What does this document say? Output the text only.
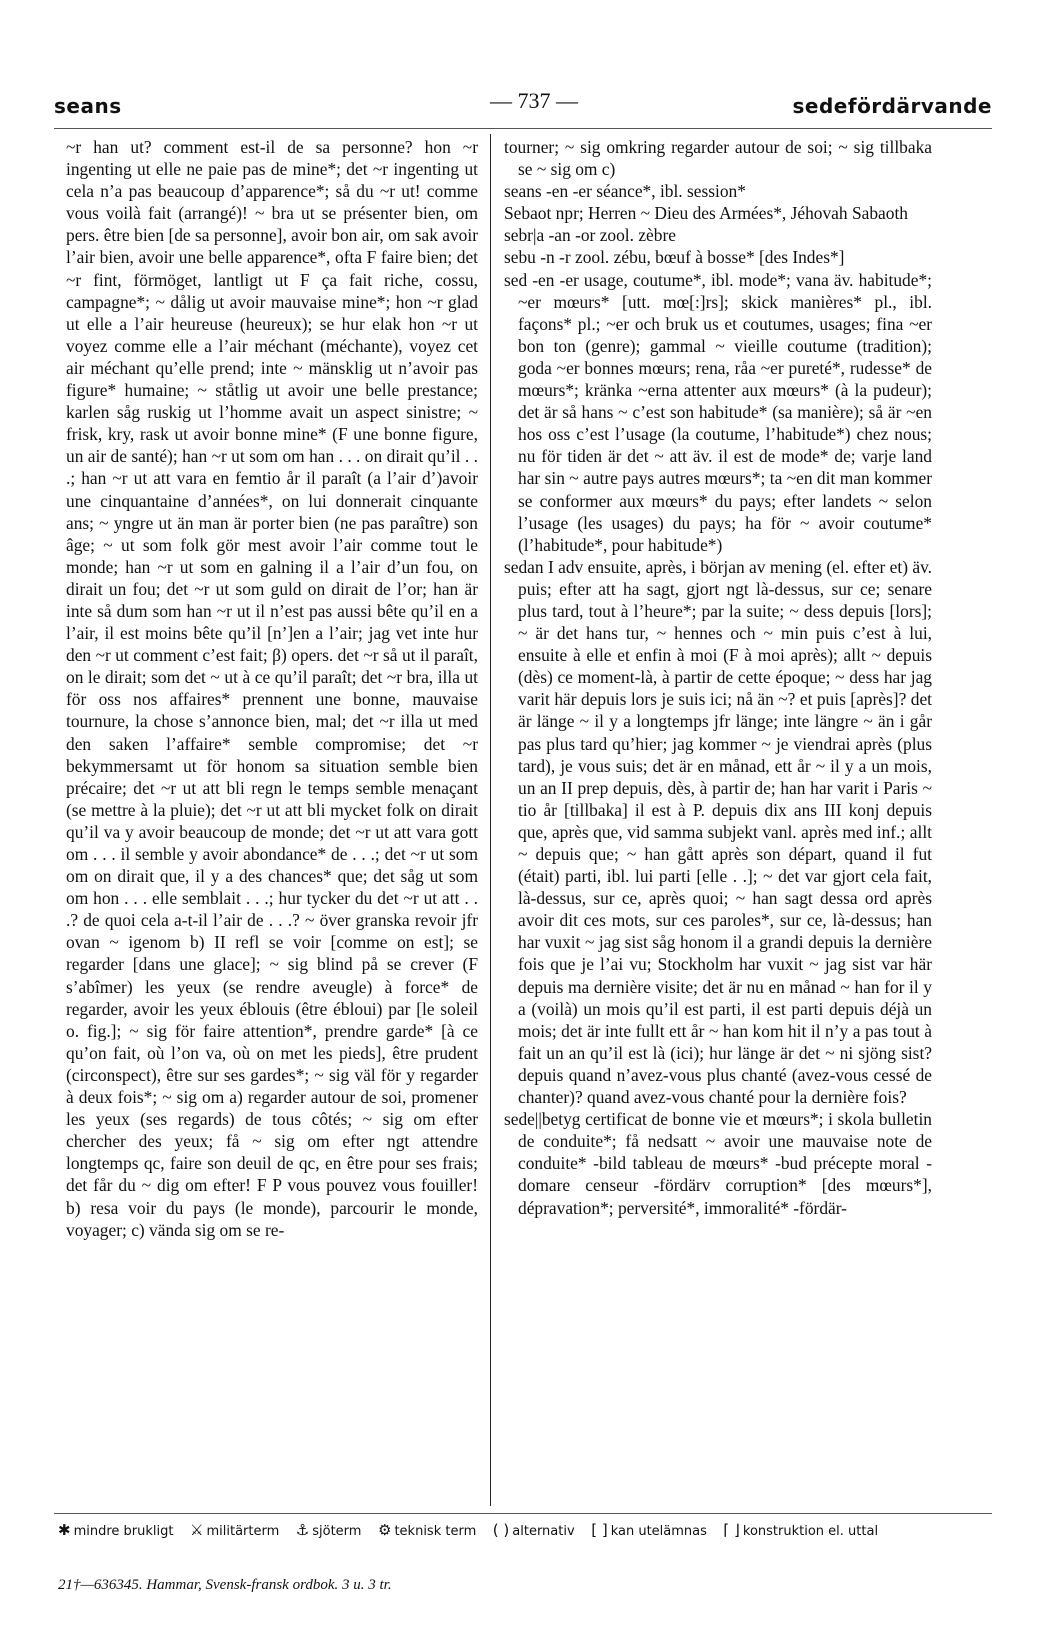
seans	— 737 —	sedefördärvande

~r han ut? comment est-il de sa personne? hon ~r ingenting ut elle ne paie pas de mine*; det ~r ingenting ut cela n’a pas beaucoup d’apparence*; så du ~r ut! comme vous voilà fait (arrangé)! ~ bra ut se présenter bien, om pers. être bien [de sa personne], avoir bon air, om sak avoir l’air bien, avoir une belle apparence*, ofta F faire bien; det ~r fint, förmöget, lantligt ut F ça fait riche, cossu, campagne*; ~ dålig ut avoir mauvaise mine*; hon ~r glad ut elle a l’air heureuse (heureux); se hur elak hon ~r ut voyez comme elle a l’air méchant (méchante), voyez cet air méchant qu’elle prend; inte ~ mänsklig ut n’avoir pas figure* humaine; ~ ståtlig ut avoir une belle prestance; karlen såg ruskig ut l’homme avait un aspect sinistre; ~ frisk, kry, rask ut avoir bonne mine* (F une bonne figure, un air de santé); han ~r ut som om han . . . on dirait qu’il . . .; han ~r ut att vara en femtio år il paraît (a l’air d’)avoir une cinquantaine d’années*, on lui donnerait cinquante ans; ~ yngre ut än man är porter bien (ne pas paraître) son âge; ~ ut som folk gör mest avoir l’air comme tout le monde; han ~r ut som en galning il a l’air d’un fou, on dirait un fou; det ~r ut som guld on dirait de l’or; han är inte så dum som han ~r ut il n’est pas aussi bête qu’il en a l’air, il est moins bête qu’il [n’]en a l’air; jag vet inte hur den ~r ut comment c’est fait; β) opers. det ~r så ut il paraît, on le dirait; som det ~ ut à ce qu’il paraît; det ~r bra, illa ut för oss nos affaires* prennent une bonne, mauvaise tournure, la chose s’annonce bien, mal; det ~r illa ut med den saken l’affaire* semble compromise; det ~r bekymmersamt ut för honom sa situation semble bien précaire; det ~r ut att bli regn le temps semble menaçant (se mettre à la pluie); det ~r ut att bli mycket folk on dirait qu’il va y avoir beaucoup de monde; det ~r ut att vara gott om . . . il semble y avoir abondance* de . . .; det ~r ut som om on dirait que, il y a des chances* que; det såg ut som om hon . . . elle semblait . . .; hur tycker du det ~r ut att . . .? de quoi cela a-t-il l’air de . . .? ~ över granska revoir jfr ovan ~ igenom b) II refl se voir [comme on est]; se regarder [dans une glace]; ~ sig blind på se crever (F s’abîmer) les yeux (se rendre aveugle) à force* de regarder, avoir les yeux éblouis (être ébloui) par [le soleil o. fig.]; ~ sig för faire attention*, prendre garde* [à ce qu’on fait, où l’on va, où on met les pieds], être prudent (circonspect), être sur ses gardes*; ~ sig väl för y regarder à deux fois*; ~ sig om a) regarder autour de soi, promener les yeux (ses regards) de tous côtés; ~ sig om efter chercher des yeux; få ~ sig om efter ngt attendre longtemps qc, faire son deuil de qc, en être pour ses frais; det får du ~ dig om efter! F P vous pouvez vous fouiller! b) resa voir du pays (le monde), parcourir le monde, voyager; c) vända sig om se re-

tourner; ~ sig omkring regarder autour de soi; ~ sig tillbaka se ~ sig om c)

seans -en -er séance*, ibl. session*

Sebaot npr; Herren ~ Dieu des Armées*, Jéhovah Sabaoth

sebr|a -an -or zool. zèbre

sebu -n -r zool. zébu, bœuf à bosse* [des Indes*]

sed -en -er usage, coutume*, ibl. mode*; vana äv. habitude*; ~er mœurs* [utt. mœ[:]rs]; skick manières* pl., ibl. façons* pl.; ~er och bruk us et coutumes, usages; fina ~er bon ton (genre); gammal ~ vieille coutume (tradition); goda ~er bonnes mœurs; rena, råa ~er pureté*, rudesse* de mœurs*; kränka ~erna attenter aux mœurs* (à la pudeur); det är så hans ~ c’est son habitude* (sa manière); så är ~en hos oss c’est l’usage (la coutume, l’habitude*) chez nous; nu för tiden är det ~ att äv. il est de mode* de; varje land har sin ~ autre pays autres mœurs*; ta ~en dit man kommer se conformer aux mœurs* du pays; efter landets ~ selon l’usage (les usages) du pays; ha för ~ avoir coutume* (l’habitude*, pour habitude*)

sedan I adv ensuite, après, i början av mening (el. efter et) äv. puis; efter att ha sagt, gjort ngt là-dessus, sur ce; senare plus tard, tout à l’heure*; par la suite; ~ dess depuis [lors]; ~ är det hans tur, ~ hennes och ~ min puis c’est à lui, ensuite à elle et enfin à moi (F à moi après); allt ~ depuis (dès) ce moment-là, à partir de cette époque; ~ dess har jag varit här depuis lors je suis ici; nå än ~? et puis [après]? det är länge ~ il y a longtemps jfr länge; inte längre ~ än i går pas plus tard qu’hier; jag kommer ~ je viendrai après (plus tard), je vous suis; det är en månad, ett år ~ il y a un mois, un an II prep depuis, dès, à partir de; han har varit i Paris ~ tio år [tillbaka] il est à P. depuis dix ans III konj depuis que, après que, vid samma subjekt vanl. après med inf.; allt ~ depuis que; ~ han gått après son départ, quand il fut (était) parti, ibl. lui parti [elle . .]; ~ det var gjort cela fait, là-dessus, sur ce, après quoi; ~ han sagt dessa ord après avoir dit ces mots, sur ces paroles*, sur ce, là-dessus; han har vuxit ~ jag sist såg honom il a grandi depuis la dernière fois que je l’ai vu; Stockholm har vuxit ~ jag sist var här depuis ma dernière visite; det är nu en månad ~ han for il y a (voilà) un mois qu’il est parti, il est parti depuis déjà un mois; det är inte fullt ett år ~ han kom hit il n’y a pas tout à fait un an qu’il est là (ici); hur länge är det ~ ni sjöng sist? depuis quand n’avez-vous plus chanté (avez-vous cessé de chanter)? quand avez-vous chanté pour la dernière fois?

sede||betyg certificat de bonne vie et mœurs*; i skola bulletin de conduite*; få nedsatt ~ avoir une mauvaise note de conduite* -bild tableau de mœurs* -bud précepte moral -domare censeur -fördärv corruption* [des mœurs*], dépravation*; perversité*, immoralité* -fördär-

✱ mindre brukligt ⚔ militärterm ⚓ sjöterm ⚙ teknisk term ( ) alternativ [ ] kan utelämnas ⌈ ⌋ konstruktion el. uttal
21†—636345. Hammar, Svensk-fransk ordbok. 3 u. 3 tr.
